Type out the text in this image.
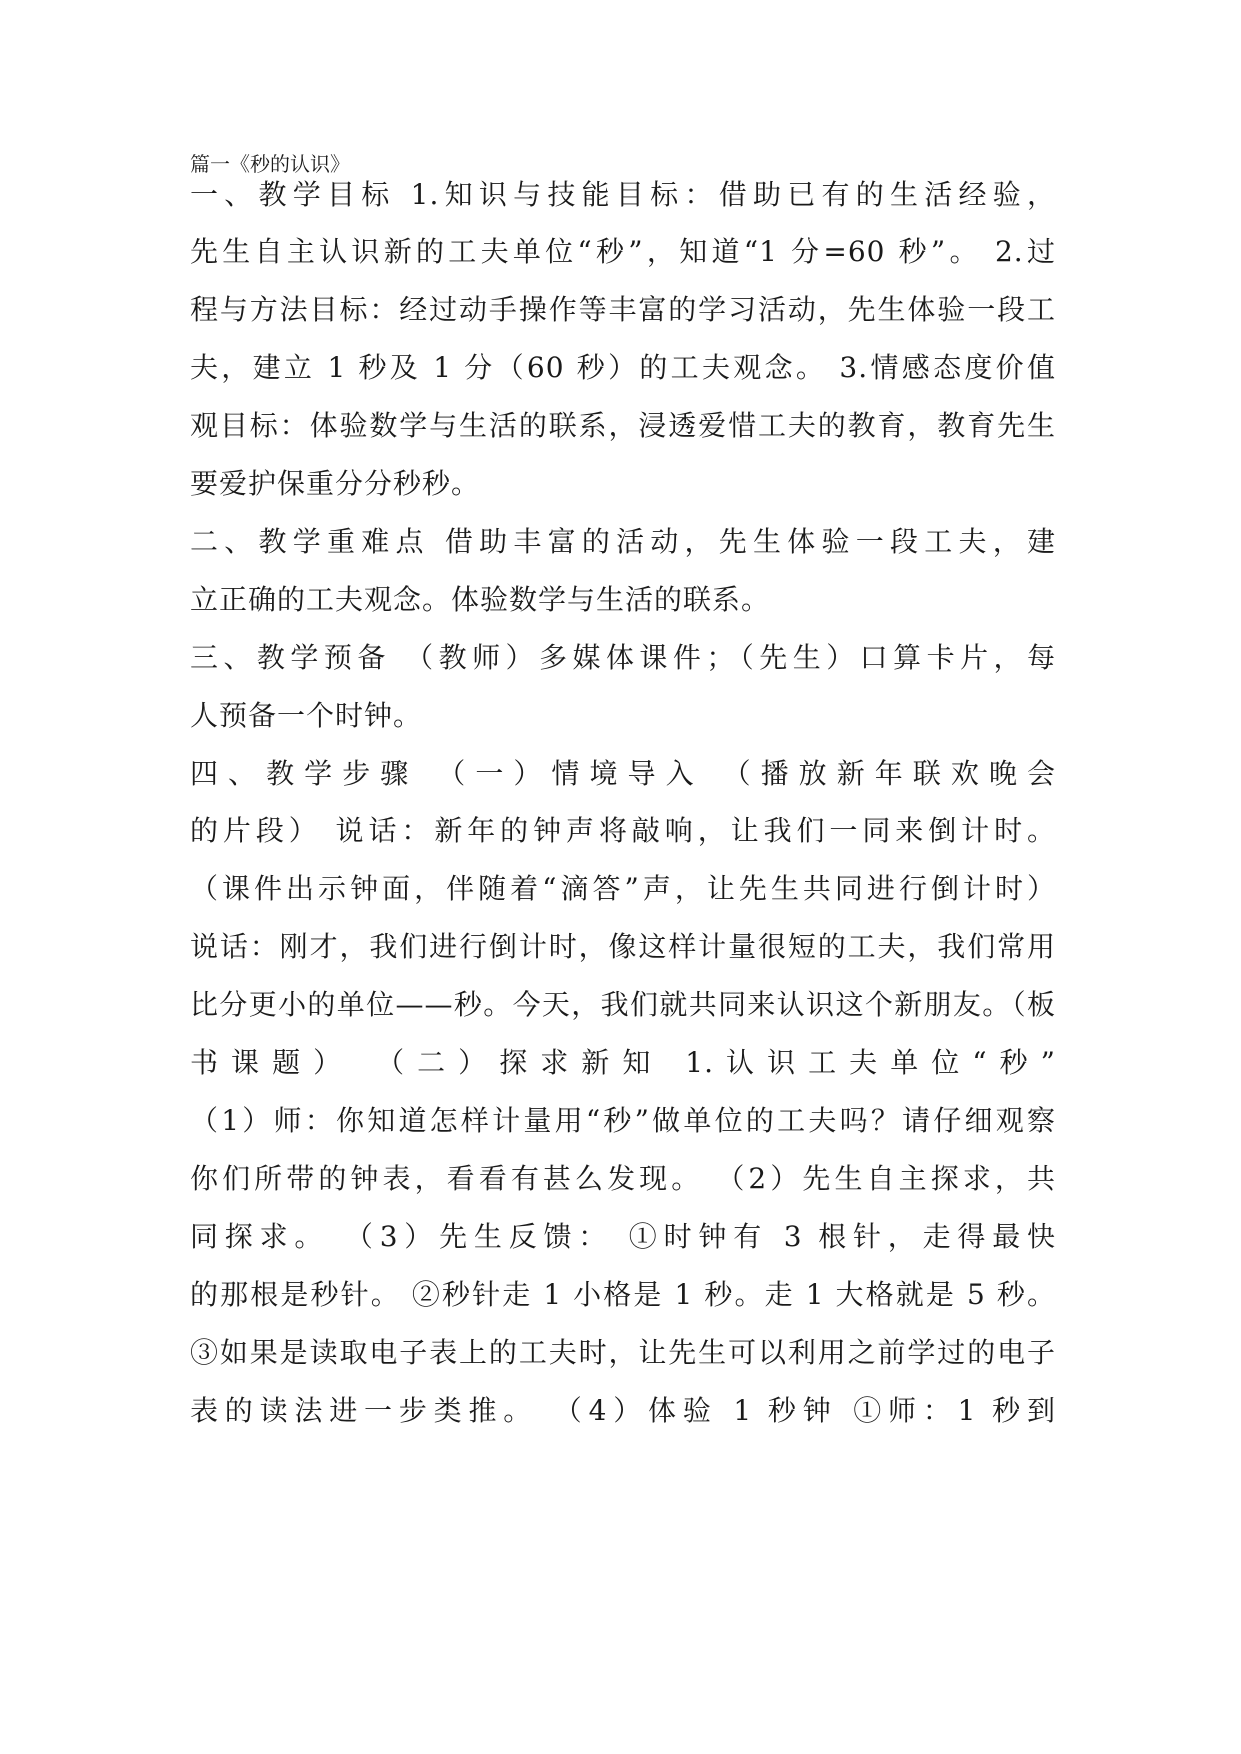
篇一《秒的认识》
一、教学目标 1.知识与技能目标：借助已有的生活经验，
先生自主认识新的工夫单位“秒”，知道“1 分=60 秒”。 2.过
程与方法目标：经过动手操作等丰富的学习活动，先生体验一段工
夫，建立 1 秒及 1 分（60 秒）的工夫观念。 3.情感态度价值
观目标：体验数学与生活的联系，浸透爱惜工夫的教育，教育先生
要爱护保重分分秒秒。
二、教学重难点 借助丰富的活动，先生体验一段工夫，建
立正确的工夫观念。体验数学与生活的联系。
三、教学预备 （教师）多媒体课件；（先生）口算卡片，每
人预备一个时钟。
四、教学步骤 （一）情境导入 （播放新年联欢晚会
的片段） 说话：新年的钟声将敲响，让我们一同来倒计时。
（课件出示钟面，伴随着“滴答”声，让先生共同进行倒计时）
说话：刚才，我们进行倒计时，像这样计量很短的工夫，我们常用
比分更小的单位——秒。今天，我们就共同来认识这个新朋友。（板
书课题） （二）探求新知 1.认识工夫单位“秒”
（1）师：你知道怎样计量用“秒”做单位的工夫吗？请仔细观察
你们所带的钟表，看看有甚么发现。 （2）先生自主探求，共
同探求。 （3）先生反馈： ①时钟有 3 根针，走得最快
的那根是秒针。 ②秒针走 1 小格是 1 秒。走 1 大格就是 5 秒。
③如果是读取电子表上的工夫时，让先生可以利用之前学过的电子
表的读法进一步类推。 （4）体验 1 秒钟 ①师：1 秒到
